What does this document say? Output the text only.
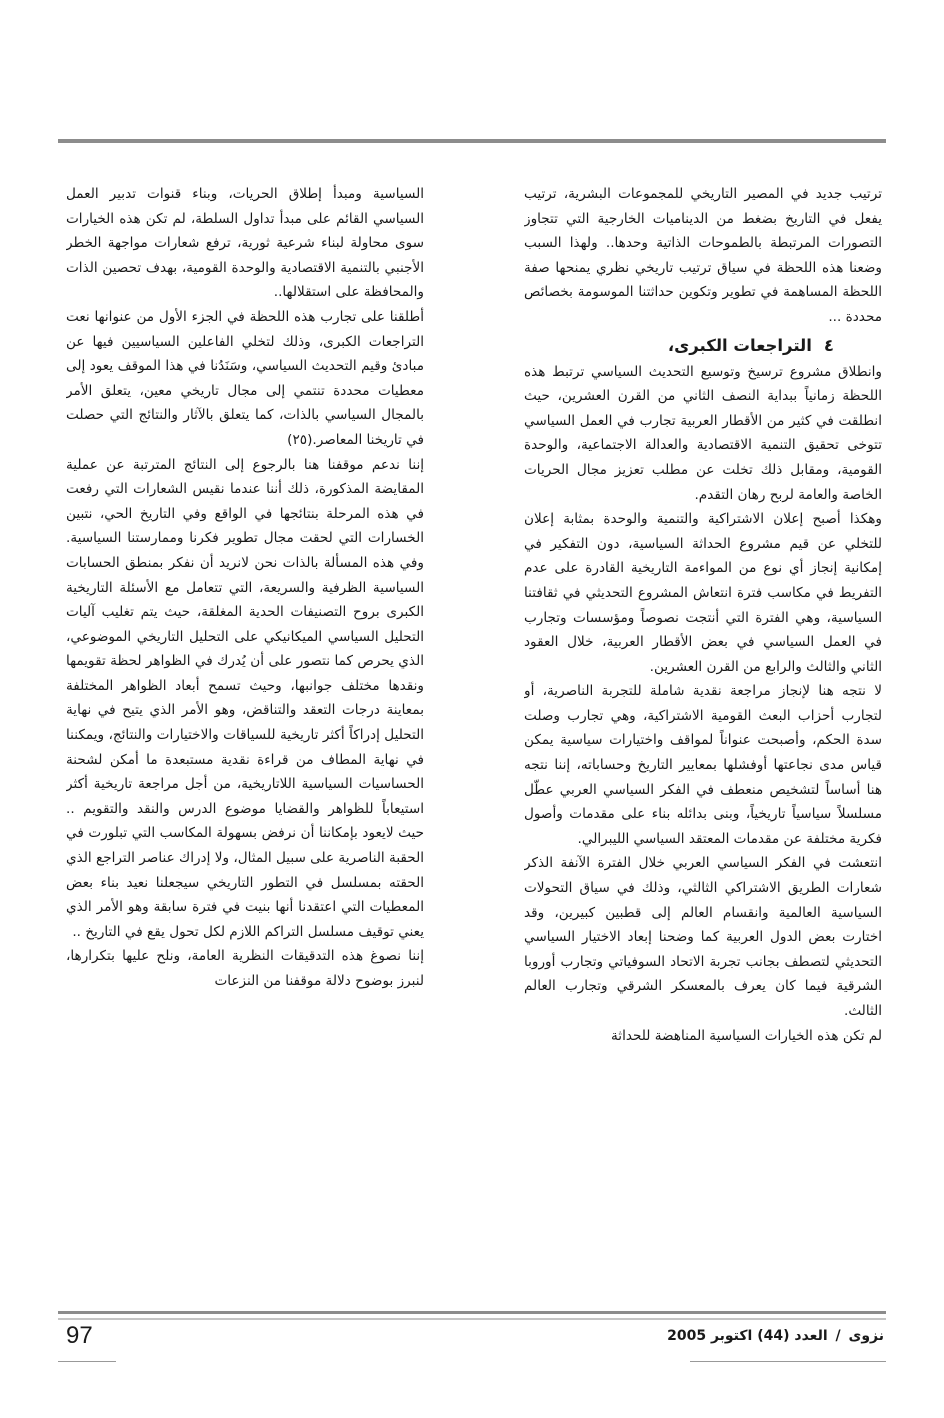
ترتيب جديد في المصير التاريخي للمجموعات البشرية، ترتيب يفعل في التاريخ بضغط من الديناميات الخارجية التي تتجاوز التصورات المرتبطة بالطموحات الذاتية وحدها.. ولهذا السبب وضعنا هذه اللحظة في سياق ترتيب تاريخي نظري يمنحها صفة اللحظة المساهمة في تطوير وتكوين حداثتنا الموسومة بخصائص محددة ...

٤التراجعات الكبرى،

وانطلاق مشروع ترسيخ وتوسيع التحديث السياسي ترتبط هذه اللحظة زمانياً ببداية النصف الثاني من القرن العشرين، حيث انطلقت في كثير من الأقطار العربية تجارب في العمل السياسي تتوخى تحقيق التنمية الاقتصادية والعدالة الاجتماعية، والوحدة القومية، ومقابل ذلك تخلت عن مطلب تعزيز مجال الحريات الخاصة والعامة لربح رهان التقدم.

وهكذا أصبح إعلان الاشتراكية والتنمية والوحدة بمثابة إعلان للتخلي عن قيم مشروع الحداثة السياسية، دون التفكير في إمكانية إنجاز أي نوع من المواءمة التاريخية القادرة على عدم التفريط في مكاسب فترة انتعاش المشروع التحديثي في ثقافتنا السياسية، وهي الفترة التي أنتجت نصوصاً ومؤسسات وتجارب في العمل السياسي في بعض الأقطار العربية، خلال العقود الثاني والثالث والرابع من القرن العشرين.

لا نتجه هنا لإنجاز مراجعة نقدية شاملة للتجربة الناصرية، أو لتجارب أحزاب البعث القومية الاشتراكية، وهي تجارب وصلت سدة الحكم، وأصبحت عنواناً لمواقف واختيارات سياسية يمكن قياس مدى نجاعتها أوفشلها بمعايير التاريخ وحساباته، إننا نتجه هنا أساساً لتشخيص منعطف في الفكر السياسي العربي عطّل مسلسلاً سياسياً تاريخياً، وبنى بدائله بناء على مقدمات وأصول فكرية مختلفة عن مقدمات المعتقد السياسي الليبرالي.

انتعشت في الفكر السياسي العربي خلال الفترة الآنفة الذكر شعارات الطريق الاشتراكي الثالثي، وذلك في سياق التحولات السياسية العالمية وانقسام العالم إلى قطبين كبيرين، وقد اختارت بعض الدول العربية كما وضحنا إبعاد الاختيار السياسي التحديثي لتصطف بجانب تجربة الاتحاد السوفياتي وتجارب أوروبا الشرقية فيما كان يعرف بالمعسكر الشرقي وتجارب العالم الثالث.

لم تكن هذه الخيارات السياسية المناهضة للحداثة

السياسية ومبدأ إطلاق الحريات، وبناء قنوات تدبير العمل السياسي القائم على مبدأ تداول السلطة، لم تكن هذه الخيارات سوى محاولة لبناء شرعية ثورية، ترفع شعارات مواجهة الخطر الأجنبي بالتنمية الاقتصادية والوحدة القومية، بهدف تحصين الذات والمحافظة على استقلالها..

أطلقنا على تجارب هذه اللحظة في الجزء الأول من عنوانها نعت التراجعات الكبرى، وذلك لتخلي الفاعلين السياسيين فيها عن مبادئ وقيم التحديث السياسي، وسَنَدُنا في هذا الموقف يعود إلى معطيات محددة تنتمي إلى مجال تاريخي معين، يتعلق الأمر بالمجال السياسي بالذات، كما يتعلق بالآثار والنتائج التي حصلت في تاريخنا المعاصر.(٢٥)

إننا ندعم موقفنا هنا بالرجوع إلى النتائج المترتبة عن عملية المقايضة المذكورة، ذلك أننا عندما نقيس الشعارات التي رفعت في هذه المرحلة بنتائجها في الواقع وفي التاريخ الحي، نتبين الخسارات التي لحقت مجال تطوير فكرنا وممارستنا السياسية. وفي هذه المسألة بالذات نحن لانريد أن نفكر بمنطق الحسابات السياسية الظرفية والسريعة، التي تتعامل مع الأسئلة التاريخية الكبرى بروح التصنيفات الحدية المغلقة، حيث يتم تغليب آليات التحليل السياسي الميكانيكي على التحليل التاريخي الموضوعي، الذي يحرص كما نتصور على أن يُدرك في الظواهر لحظة تقويمها ونقدها مختلف جوانبها، وحيث تسمح أبعاد الظواهر المختلفة بمعاينة درجات التعقد والتناقض، وهو الأمر الذي يتيح في نهاية التحليل إدراكاً أكثر تاريخية للسياقات والاختيارات والنتائج، ويمكننا في نهاية المطاف من قراءة نقدية مستبعدة ما أمكن لشحنة الحساسيات السياسية اللاتاريخية، من أجل مراجعة تاريخية أكثر استيعاباً للظواهر والقضايا موضوع الدرس والنقد والتقويم .. حيث لايعود بإمكاننا أن نرفض بسهولة المكاسب التي تبلورت في الحقبة الناصرية على سبيل المثال، ولا إدراك عناصر التراجع الذي الحقته بمسلسل في التطور التاريخي سيجعلنا نعيد بناء بعض المعطيات التي اعتقدنا أنها بنيت في فترة سابقة وهو الأمر الذي يعني توقيف مسلسل التراكم اللازم لكل تحول يقع في التاريخ ..

إننا نصوغ هذه التدقيقات النظرية العامة، ونلح عليها بتكرارها، لنبرز بوضوح دلالة موقفنا من النزعات

97	نزوى / العدد (44) اكتوبر 2005
